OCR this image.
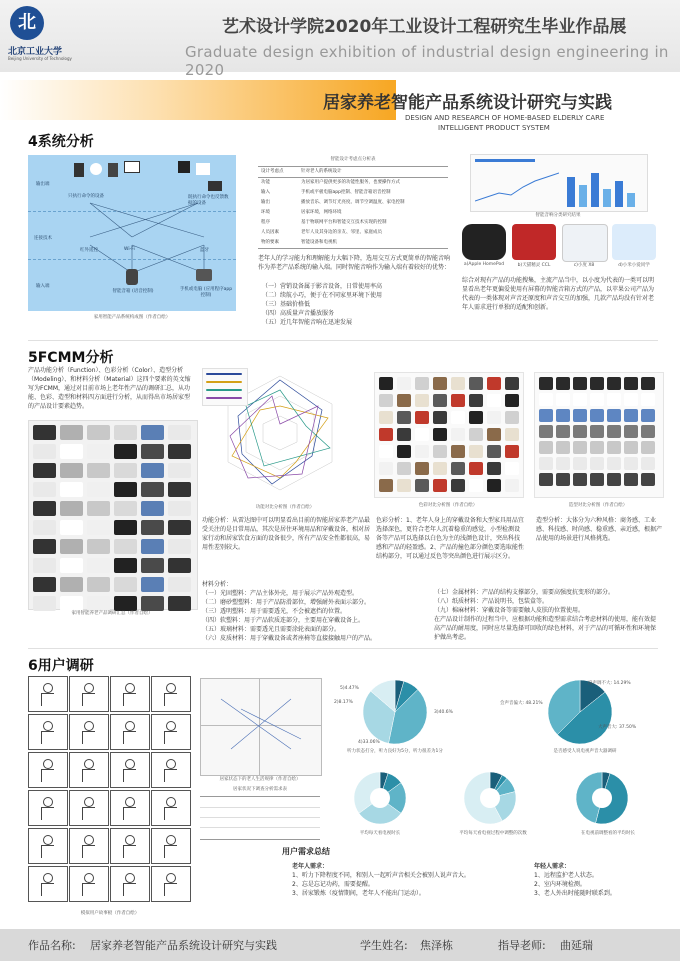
北
北京工业大学
Beijing University of Technology
艺术设计学院2020年工业设计工程研究生毕业作品展
Graduate design exhibition of industrial design engineering in 2020
居家养老智能产品系统设计研究与实践
DESIGN AND RESEARCH OF HOME-BASED ELDERLY CARE
INTELLIGENT PRODUCT SYSTEM
4系统分析
输出端
连接技术
输入端
只执行命令的设备	既执行命令也反馈数据的设备
红外遥控	Wi-Fi	蓝牙
智能音箱 (语音控制)	手机或电脑 (应用程序app控制)
家用智能产品系统构成图（作者自绘）
智能设计考虑点分析表
设计考虑点	针对老人的系统设计
功能	为居家用户提供更多的功能性服务，也要操作方式
输入	手机或平板电脑app控制、智能音箱语音控制
输出	播放音乐、调节灯光亮度、调节空调温度、家电控制
环境	居家环境，网络环境
程序	基于物联网平台和智能交互技术实现的控制
人员因素	老年人及其身边的亲友、邻里、家庭成员
物的要素	智能设备和电视机
老年人的学习能力和理解能力大幅下降，选用交互方式更简单的智能音响作为养老产品系统的输入端。同时智能音响作为输入端有着较好的优势：
（一）营销设备属于影音设备，日常使用率高
（二）续航小巧，便于在不同家里环境下使用
（三）基础价格低
（四）高质量声音播放服务
（五）近几年智能音响在迅速发展
智能音响分类研究结果
a)Apple HomePod	b)天猫精灵 CCL	c)小度 X8	d)小米小爱同学
综合对现有产品的功能搜集，主流产品当中，以小度为代表的一类可以明显看出老年更偏爱使用有屏幕的智能音箱方式的产品，以苹果公司产品为代表的一类体现对声音还原度和声音交互的加强，几款产品均没有针对老年人需求进行单独的适配和创新。
5FCMM分析
产品功能分析（Function）、色彩分析（Color）、造型分析（Modeling）、和材料分析（Material）这四个要素的英文缩写为FCMM，通过对目前市场上老年性产品的调研汇总，从功能、色彩、造型和材料四方面进行分析，从而得出市场居家型的产品设计要素趋势。
家用智能养老产品调研汇总（作者自绘）
功能对比分析图（作者自绘）	色彩对比分析图（作者自绘）	造型对比分析图（作者自绘）
功能分析：从雷达图中可以明显看出目前的智能居家养老产品最受关注的是目常用品，其次是居住环境用品和穿戴设备，相对居家行动和居家饮食方面的设备很少，所有产品安全性都很高，易用性差别较大。
色彩分析：1、老年人身上的穿戴设备和大型家具用品宜选择深色，更符合老年人沉着稳重的感觉，小型检测设备等产品可以选择以白色为主的浅颜色设计，突出科技感和产品的轻盈感。2、产品的撞色部分颜色要选取能性结构部分，可以通过反色等突出颜色进行展示区分。
造型分析：大体分为六种风格：商务感、工业感、科技感、时尚感、稳重感、亲近感，根据产品使用的场景进行风格挑选。
材料分析：
（一）光固塑料：产品主体外壳，用于展示产品外观造型。
（二）磨砂塑塑料：用于产品防滑部位，增强耐外表面示部分。
（三）透明塑料：用于需要透光，不会被遮挡的位置。
（四）软塑料：用于产品软质连部分，主要用在穿戴设备上。
（五）玻璃材料：需要透光且需要涂轮表面的部分。
（六）皮质材料：用于穿戴设备或者座椅等直接接触用户的产品。
（七）金属材料：产品的结构支撑部分，需要高强度抗变形的部分。
（八）纸质材料：产品说明书，包装盒等。
（九）棉麻材料：穿戴设备等需要触人皮肤的位置使用。
在产品设计制作的过程当中，应根据功能和造型需求结合考虑材料的使用，能有效提高产品的耐用度，同时应尽量选择可回收的绿色材料，对于产品的可循环性和环境保护做出考虑。
6用户调研
模拟用户故事板（作者自绘）
居家状态下的老人生活规律（作者自绘）
居家状况下调查分析需求表
5)4.47%
2)8.17%
3)40.6%
4)33.06%
听力状态打分，听力良好为5分，听力很差为1分
没声调不大: 14.29%
会声音偏大: 48.21%
大声音大: 37.50%
是否感受人说电视声音大器调研
平均每天看电视时长	平均每天看电视过程中调整的次数	在电视前调整看的平均时长
用户需求总结
老年人需求：
1、听力下降程度不同，和别人一起听声音相关会被别人说声音大。
2、忘是忘记功药，需要提醒。
3、居家锻炼（疫情期间，老年人不能出门运动）。
年轻人需求：
1、远程监护老人状态。
2、室内环境检测。
3、老人外出时能随时联系到。
作品名称: 居家养老智能产品系统设计研究与实践	学生姓名: 焦泽栋	指导老师: 曲延瑞
